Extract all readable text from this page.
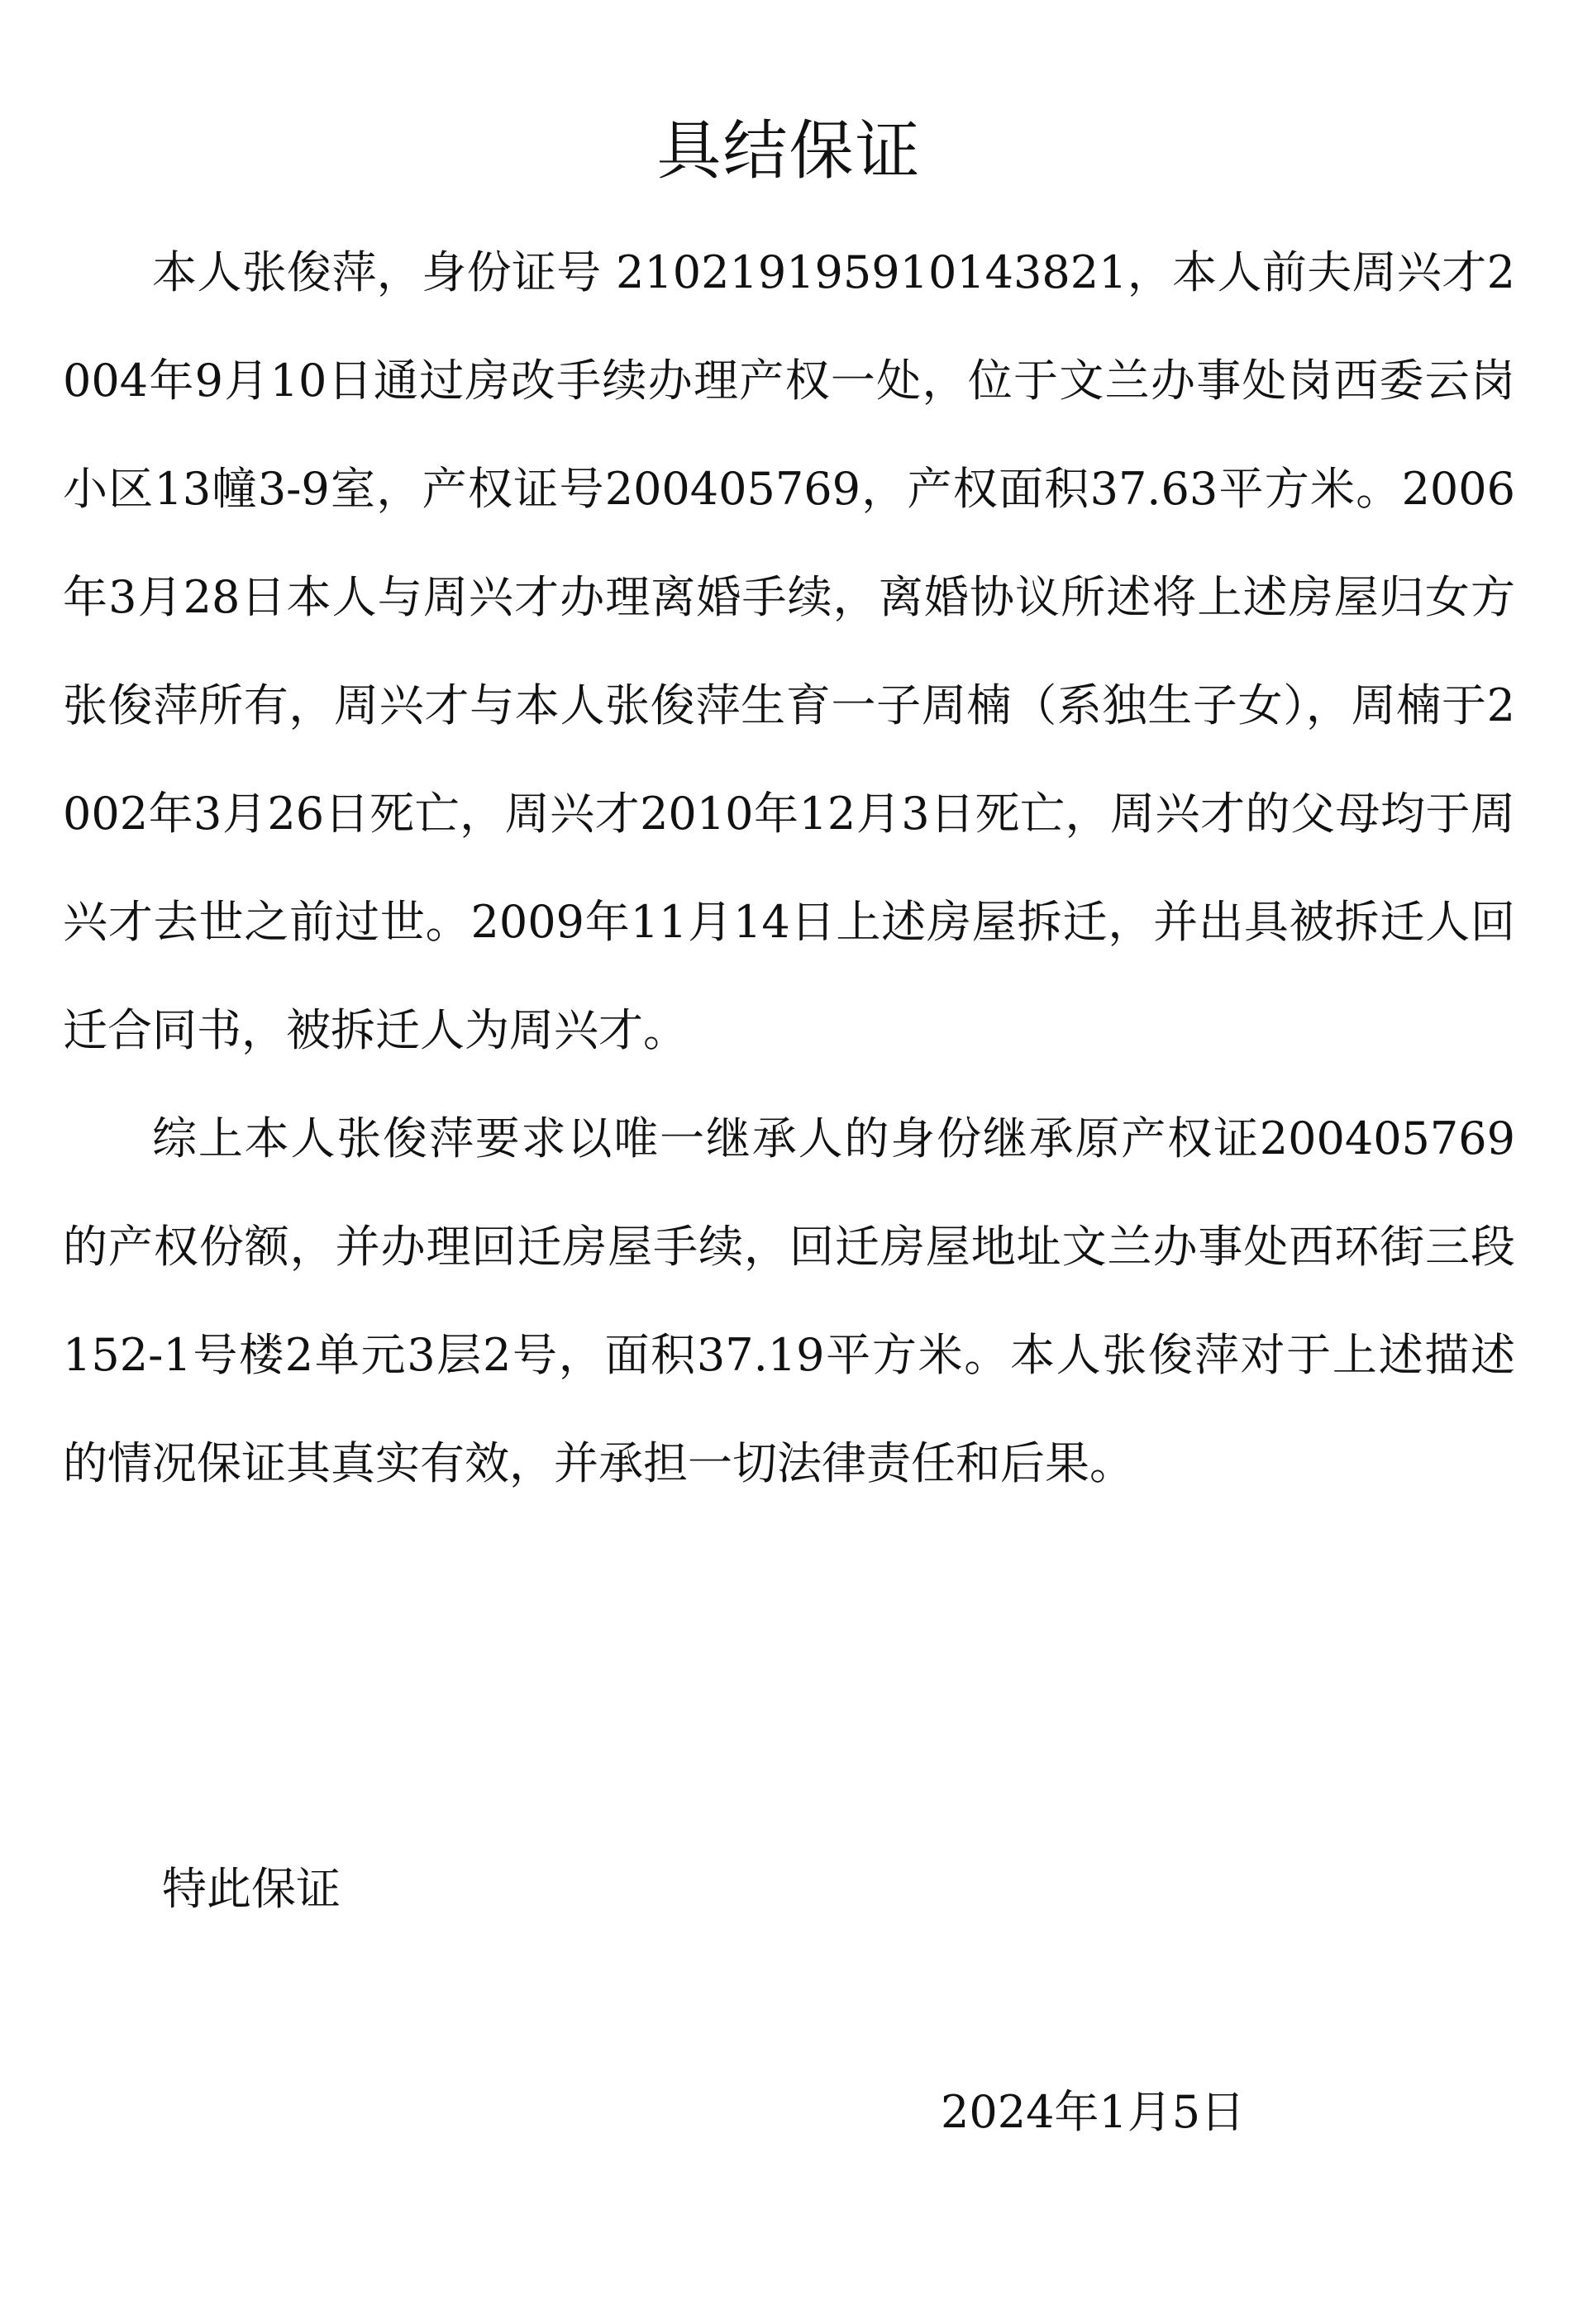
具结保证

本人张俊萍，身份证号 210219195910143821，本人前夫周兴才2004年9月10日通过房改手续办理产权一处，位于文兰办事处岗西委云岗小区13幢3-9室，产权证号200405769，产权面积37.63平方米。2006年3月28日本人与周兴才办理离婚手续，离婚协议所述将上述房屋归女方张俊萍所有，周兴才与本人张俊萍生育一子周楠（系独生子女），周楠于2002年3月26日死亡，周兴才2010年12月3日死亡，周兴才的父母均于周兴才去世之前过世。2009年11月14日上述房屋拆迁，并出具被拆迁人回迁合同书，被拆迁人为周兴才。

综上本人张俊萍要求以唯一继承人的身份继承原产权证200405769的产权份额，并办理回迁房屋手续，回迁房屋地址文兰办事处西环街三段152-1号楼2单元3层2号，面积37.19平方米。本人张俊萍对于上述描述的情况保证其真实有效，并承担一切法律责任和后果。

特此保证

2024年1月5日
